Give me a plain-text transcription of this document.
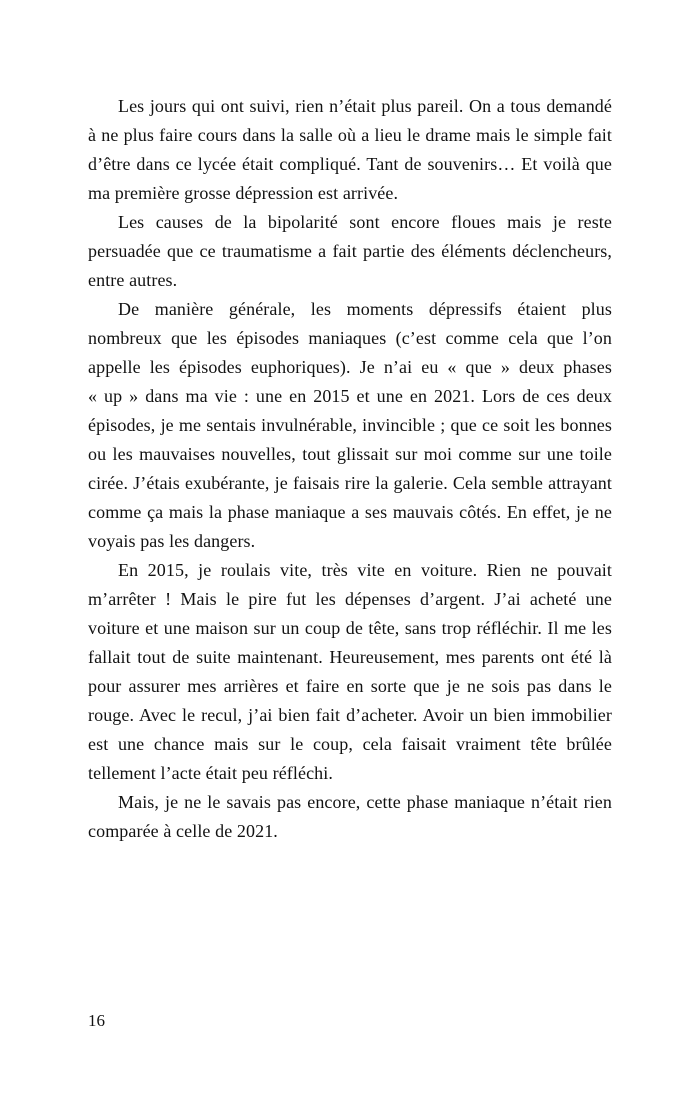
Les jours qui ont suivi, rien n’était plus pareil. On a tous demandé à ne plus faire cours dans la salle où a lieu le drame mais le simple fait d’être dans ce lycée était compliqué. Tant de souvenirs… Et voilà que ma première grosse dépression est arrivée.

Les causes de la bipolarité sont encore floues mais je reste persuadée que ce traumatisme a fait partie des éléments déclencheurs, entre autres.

De manière générale, les moments dépressifs étaient plus nombreux que les épisodes maniaques (c’est comme cela que l’on appelle les épisodes euphoriques). Je n’ai eu « que » deux phases « up » dans ma vie : une en 2015 et une en 2021. Lors de ces deux épisodes, je me sentais invulnérable, invincible ; que ce soit les bonnes ou les mauvaises nouvelles, tout glissait sur moi comme sur une toile cirée. J’étais exubérante, je faisais rire la galerie. Cela semble attrayant comme ça mais la phase maniaque a ses mauvais côtés. En effet, je ne voyais pas les dangers.

En 2015, je roulais vite, très vite en voiture. Rien ne pouvait m’arrêter ! Mais le pire fut les dépenses d’argent. J’ai acheté une voiture et une maison sur un coup de tête, sans trop réfléchir. Il me les fallait tout de suite maintenant. Heureusement, mes parents ont été là pour assurer mes arrières et faire en sorte que je ne sois pas dans le rouge. Avec le recul, j’ai bien fait d’acheter. Avoir un bien immobilier est une chance mais sur le coup, cela faisait vraiment tête brûlée tellement l’acte était peu réfléchi.

Mais, je ne le savais pas encore, cette phase maniaque n’était rien comparée à celle de 2021.

16
